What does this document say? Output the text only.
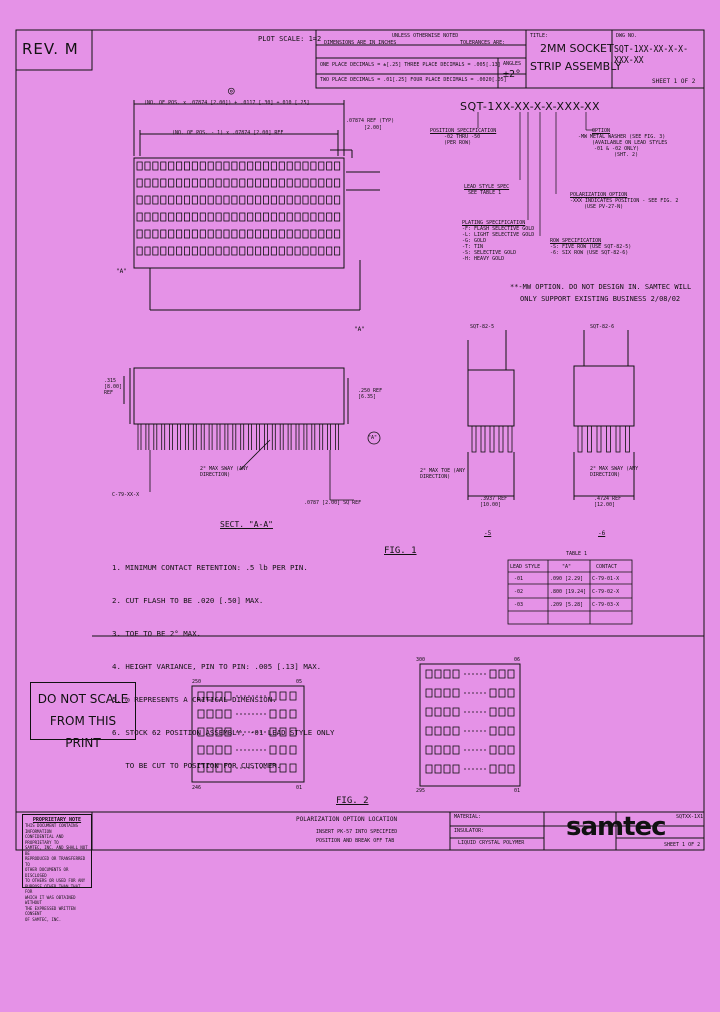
REV. M
PLOT SCALE: 1=2	UNLESS OTHERWISE NOTED
DIMENSIONS ARE IN INCHES	TOLERANCES ARE:
ONE PLACE DECIMALS = ±[.25] THREE PLACE DECIMALS = .005[.13]
TWO PLACE DECIMALS = .01[.25] FOUR PLACE DECIMALS = .0020[.05]
ANGLES
±2°
TITLE:
2MM SOCKET
STRIP ASSEMBLY
DWG NO.
SQT-1XX-XX-X-X-XXX-XX
SHEET 1 OF 2
SQT-1XX-XX-X-X-XXX-XX
POSITION SPECIFICATION
-02 THRU -50
(PER ROW)
LEAD STYLE SPEC
SEE TABLE 1
PLATING SPECIFICATION
-F: FLASH SELECTIVE GOLD
-L: LIGHT SELECTIVE GOLD
-G: GOLD
-T: TIN
-S: SELECTIVE GOLD
-H: HEAVY GOLD
ROW SPECIFICATION
-S: FIVE ROW (USE SQT-82-5)
-6: SIX ROW (USE SQT-82-6)
POLARIZATION OPTION
-XXX INDICATES POSITION - SEE FIG. 2
(USE PV-27-N)
OPTION
-MW METAL WASHER (SEE FIG. 3)
(AVAILABLE ON LEAD STYLES
-01 & -02 ONLY)
(SHT. 2)
**-MW OPTION. DO NOT DESIGN IN. SAMTEC WILL
ONLY SUPPORT EXISTING BUSINESS 2/08/02
(NO. OF POS. x .07874 [2.00]) + .0117 [.30] ±.010 [.25]
(NO. OF POS. - 1) x .07874 [2.00] REF
.07874 REF (TYP)
[2.00]
◎
"A"
"A"
.315 [8.00] REF	.250 REF [6.35]
"A"
2° MAX SWAY (ANY DIRECTION)
C-79-XX-X
.0787 [2.00] SQ REF
SECT. "A-A"
FIG. 1
SQT-82-5	SQT-82-6
2° MAX TOE (ANY DIRECTION)
2° MAX SWAY (ANY DIRECTION)
.3937 REF [10.00]
.4724 REF [12.00]
-5	-6

1. MINIMUM CONTACT RETENTION: .5 lb PER PIN.

2. CUT FLASH TO BE .020 [.50] MAX.

3. TOE TO BE 2° MAX.

4. HEIGHT VARIANCE, PIN TO PIN: .005 [.13] MAX.

5. ◎ REPRESENTS A CRITICAL DIMENSION.

6. STOCK 62 POSITION ASSEMBLY, -01 LEAD STYLE ONLY

TO BE CUT TO POSITION FOR CUSTOMER.

TABLE 1
LEAD STYLE	"A"	CONTACT
-01	.090 [2.29] C-79-01-X
-02	.800 [19.24] C-79-02-X
-03	.209 [5.28] C-79-03-X
DO NOT SCALE
FROM THIS PRINT
250	05
246	01
300	06
295	01
FIG. 2
POLARIZATION OPTION LOCATION
INSERT PK-57 INTO SPECIFIED
POSITION AND BREAK OFF TAB
PROPRIETARY NOTE
THIS DOCUMENT CONTAINS INFORMATION
CONFIDENTIAL AND PROPRIETARY TO
SAMTEC, INC. AND SHALL NOT BE
REPRODUCED OR TRANSFERRED TO
OTHER DOCUMENTS OR DISCLOSED
TO OTHERS OR USED FOR ANY
PURPOSE OTHER THAN THAT FOR
WHICH IT WAS OBTAINED WITHOUT
THE EXPRESSED WRITTEN CONSENT
OF SAMTEC, INC.
MATERIAL:
INSULATOR:
LIQUID CRYSTAL POLYMER
SQTXX-1X1
samtec
SHEET 1 OF 2
